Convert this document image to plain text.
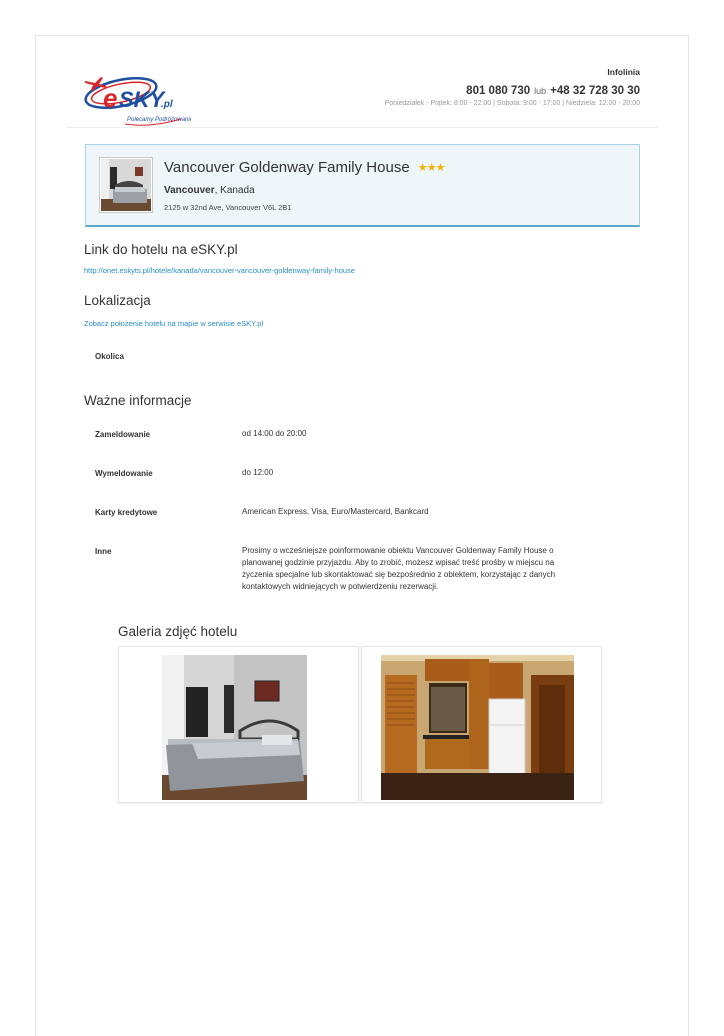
e SKY
.pl
Polecamy Podróżowanie
Infolinia
801 080 730 lub +48 32 728 30 30
Poniedziałek - Piątek: 8:00 - 22:00 | Sobota: 9:00 - 17:00 | Niedziela: 12:00 - 20:00
Vancouver Goldenway Family House ★★★
Vancouver, Kanada
2125 w 32nd Ave, Vancouver V6L 2B1
Link do hotelu na eSKY.pl
http://onet.eskyts.pl/hotele/kanada/vancouver-vancouver-goldenway-family-house
Lokalizacja
Zobacz położenie hotelu na mapie w serwisie eSKY.pl
Okolica
Ważne informacje
Zameldowanie	od 14:00 do 20:00
Wymeldowanie	do 12:00
Karty kredytowe	American Express, Visa, Euro/Mastercard, Bankcard
Inne	Prosimy o wcześniejsze poinformowanie obiektu Vancouver Goldenway Family House o
planowanej godzinie przyjazdu. Aby to zrobić, możesz wpisać treść prośby w miejscu na
życzenia specjalne lub skontaktować się bezpośrednio z obiektem, korzystając z danych
kontaktowych widniejących w potwierdzeniu rezerwacji.
Galeria zdjęć hotelu
